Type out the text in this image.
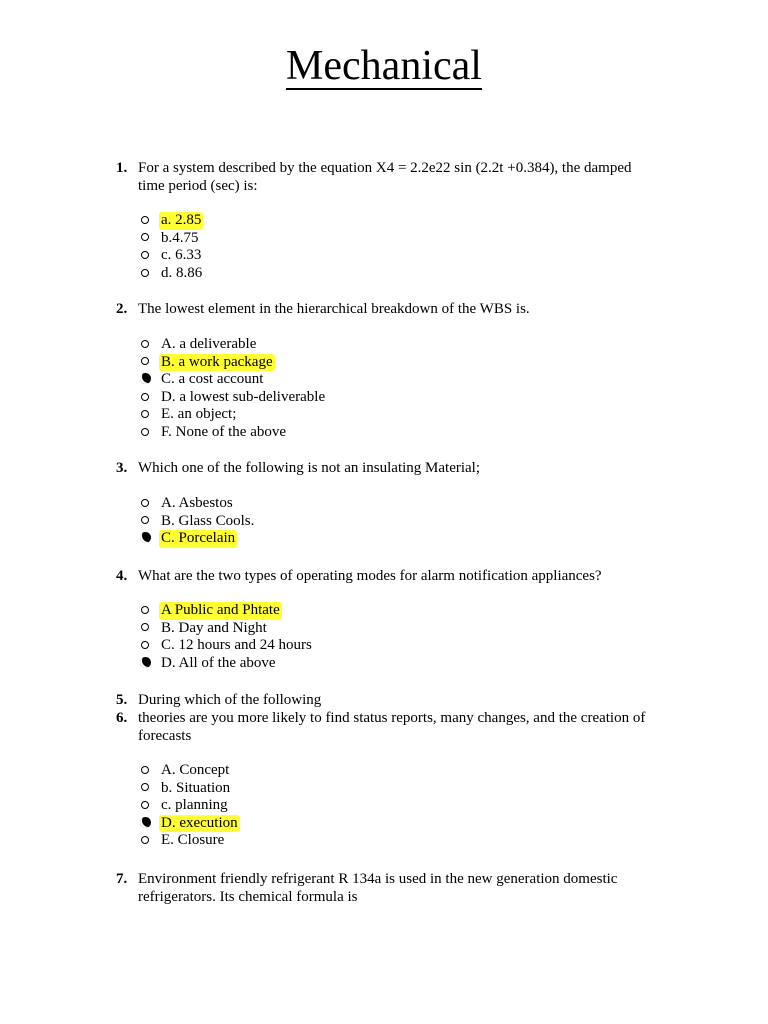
Mechanical
1. For a system described by the equation X4 = 2.2e22 sin (2.2t +0.384), the damped time period (sec) is:
a. 2.85
b.4.75
c. 6.33
d. 8.86
2. The lowest element in the hierarchical breakdown of the WBS is.
A. a deliverable
B. a work package
C. a cost account
D. a lowest sub-deliverable
E. an object;
F. None of the above
3. Which one of the following is not an insulating Material;
A. Asbestos
B. Glass Cools.
C. Porcelain
4. What are the two types of operating modes for alarm notification appliances?
A Public and Phtate
B. Day and Night
C. 12 hours and 24 hours
D. All of the above
5. During which of the following
6. theories are you more likely to find status reports, many changes, and the creation of forecasts
A. Concept
b. Situation
c. planning
D. execution
E. Closure
7. Environment friendly refrigerant R 134a is used in the new generation domestic refrigerators. Its chemical formula is
